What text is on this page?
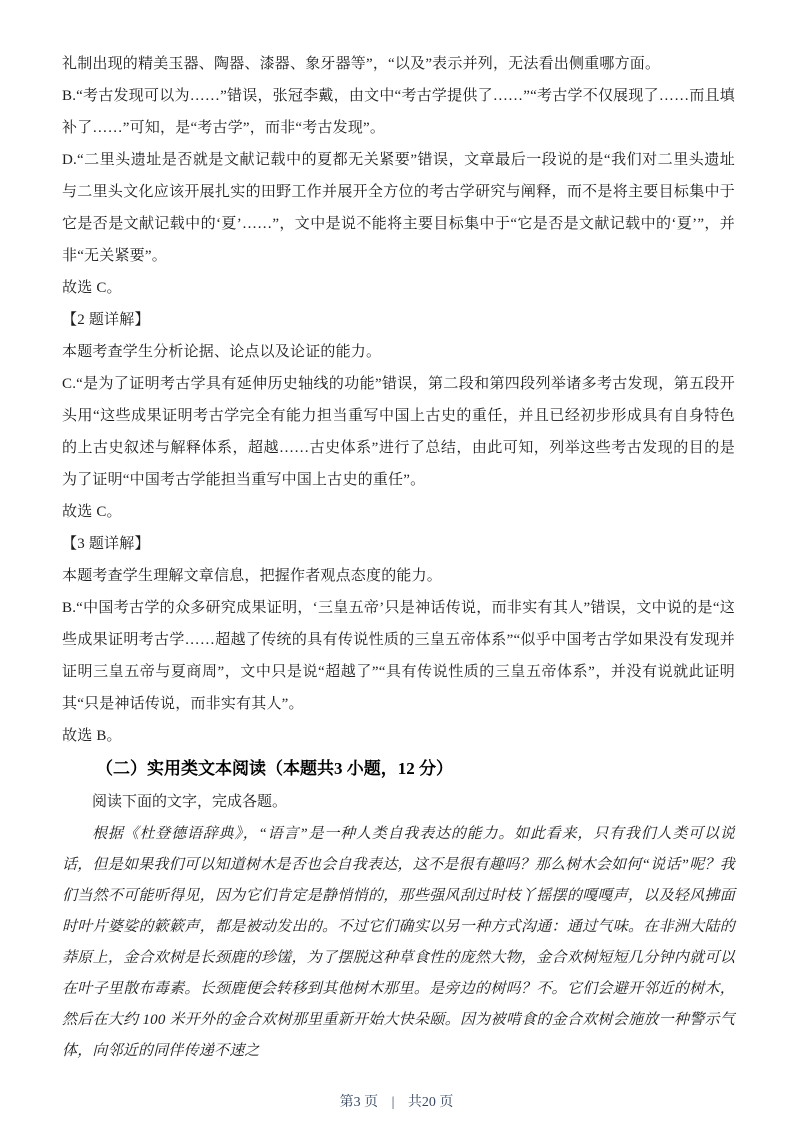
礼制出现的精美玉器、陶器、漆器、象牙器等”，“以及”表示并列，无法看出侧重哪方面。
B.“考古发现可以为……”错误，张冠李戴，由文中“考古学提供了……”“考古学不仅展现了……而且填补了……”可知，是“考古学”，而非“考古发现”。
D.“二里头遗址是否就是文献记载中的夏都无关紧要”错误，文章最后一段说的是“我们对二里头遗址与二里头文化应该开展扎实的田野工作并展开全方位的考古学研究与阐释，而不是将主要目标集中于它是否是文献记载中的‘夏’……”，文中是说不能将主要目标集中于“它是否是文献记载中的‘夏’”，并非“无关紧要”。
故选 C。
【2 题详解】
本题考查学生分析论据、论点以及论证的能力。
C.“是为了证明考古学具有延伸历史轴线的功能”错误，第二段和第四段列举诸多考古发现，第五段开头用“这些成果证明考古学完全有能力担当重写中国上古史的重任，并且已经初步形成具有自身特色的上古史叙述与解释体系，超越……古史体系”进行了总结，由此可知，列举这些考古发现的目的是为了证明“中国考古学能担当重写中国上古史的重任”。
故选 C。
【3 题详解】
本题考查学生理解文章信息，把握作者观点态度的能力。
B.“中国考古学的众多研究成果证明，‘三皇五帝’只是神话传说，而非实有其人”错误，文中说的是“这些成果证明考古学……超越了传统的具有传说性质的三皇五帝体系”“似乎中国考古学如果没有发现并证明三皇五帝与夏商周”，文中只是说“超越了”“具有传说性质的三皇五帝体系”，并没有说就此证明其“只是神话传说，而非实有其人”。
故选 B。
（二）实用类文本阅读（本题共3 小题，12 分）
阅读下面的文字，完成各题。
根据《杜登德语辞典》，“语言”是一种人类自我表达的能力。如此看来，只有我们人类可以说话，但是如果我们可以知道树木是否也会自我表达，这不是很有趣吗？那么树木会如何“说话”呢？我们当然不可能听得见，因为它们肯定是静悄悄的，那些强风刮过时枝丫摇摆的嘎嘎声，以及轻风拂面时叶片婆娑的簌簌声，都是被动发出的。不过它们确实以另一种方式沟通：通过气味。在非洲大陆的莽原上，金合欢树是长颈鹿的珍馐，为了摆脱这种草食性的庞然大物，金合欢树短短几分钟内就可以在叶子里散布毒素。长颈鹿便会转移到其他树木那里。是旁边的树吗？不。它们会避开邻近的树木，然后在大约 100 米开外的金合欢树那里重新开始大快朵颐。因为被啃食的金合欢树会施放一种警示气体，向邻近的同伴传递不速之
第3 页 | 共20 页
